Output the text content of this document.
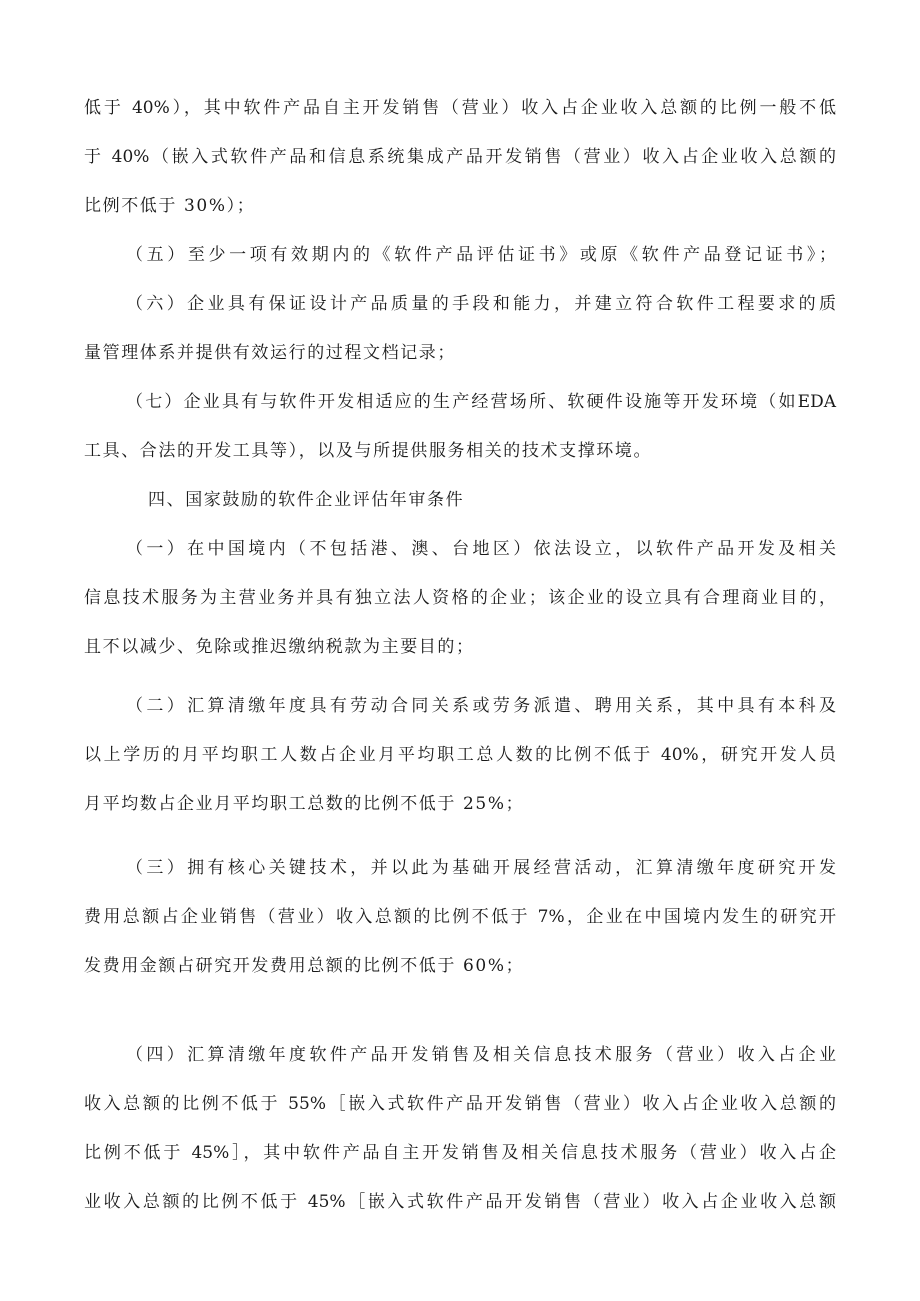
低于 40%），其中软件产品自主开发销售（营业）收入占企业收入总额的比例一般不低
于 40%（嵌入式软件产品和信息系统集成产品开发销售（营业）收入占企业收入总额的
比例不低于 30%）；
（五）至少一项有效期内的《软件产品评估证书》或原《软件产品登记证书》；
（六）企业具有保证设计产品质量的手段和能力，并建立符合软件工程要求的质
量管理体系并提供有效运行的过程文档记录；
（七）企业具有与软件开发相适应的生产经营场所、软硬件设施等开发环境（如EDA
工具、合法的开发工具等），以及与所提供服务相关的技术支撑环境。
四、国家鼓励的软件企业评估年审条件
（一）在中国境内（不包括港、澳、台地区）依法设立，以软件产品开发及相关
信息技术服务为主营业务并具有独立法人资格的企业；该企业的设立具有合理商业目的，
且不以减少、免除或推迟缴纳税款为主要目的；
（二）汇算清缴年度具有劳动合同关系或劳务派遣、聘用关系，其中具有本科及
以上学历的月平均职工人数占企业月平均职工总人数的比例不低于 40%，研究开发人员
月平均数占企业月平均职工总数的比例不低于 25%；
（三）拥有核心关键技术，并以此为基础开展经营活动，汇算清缴年度研究开发
费用总额占企业销售（营业）收入总额的比例不低于 7%，企业在中国境内发生的研究开
发费用金额占研究开发费用总额的比例不低于 60%；
（四）汇算清缴年度软件产品开发销售及相关信息技术服务（营业）收入占企业
收入总额的比例不低于 55%［嵌入式软件产品开发销售（营业）收入占企业收入总额的
比例不低于 45%］，其中软件产品自主开发销售及相关信息技术服务（营业）收入占企
业收入总额的比例不低于 45%［嵌入式软件产品开发销售（营业）收入占企业收入总额
